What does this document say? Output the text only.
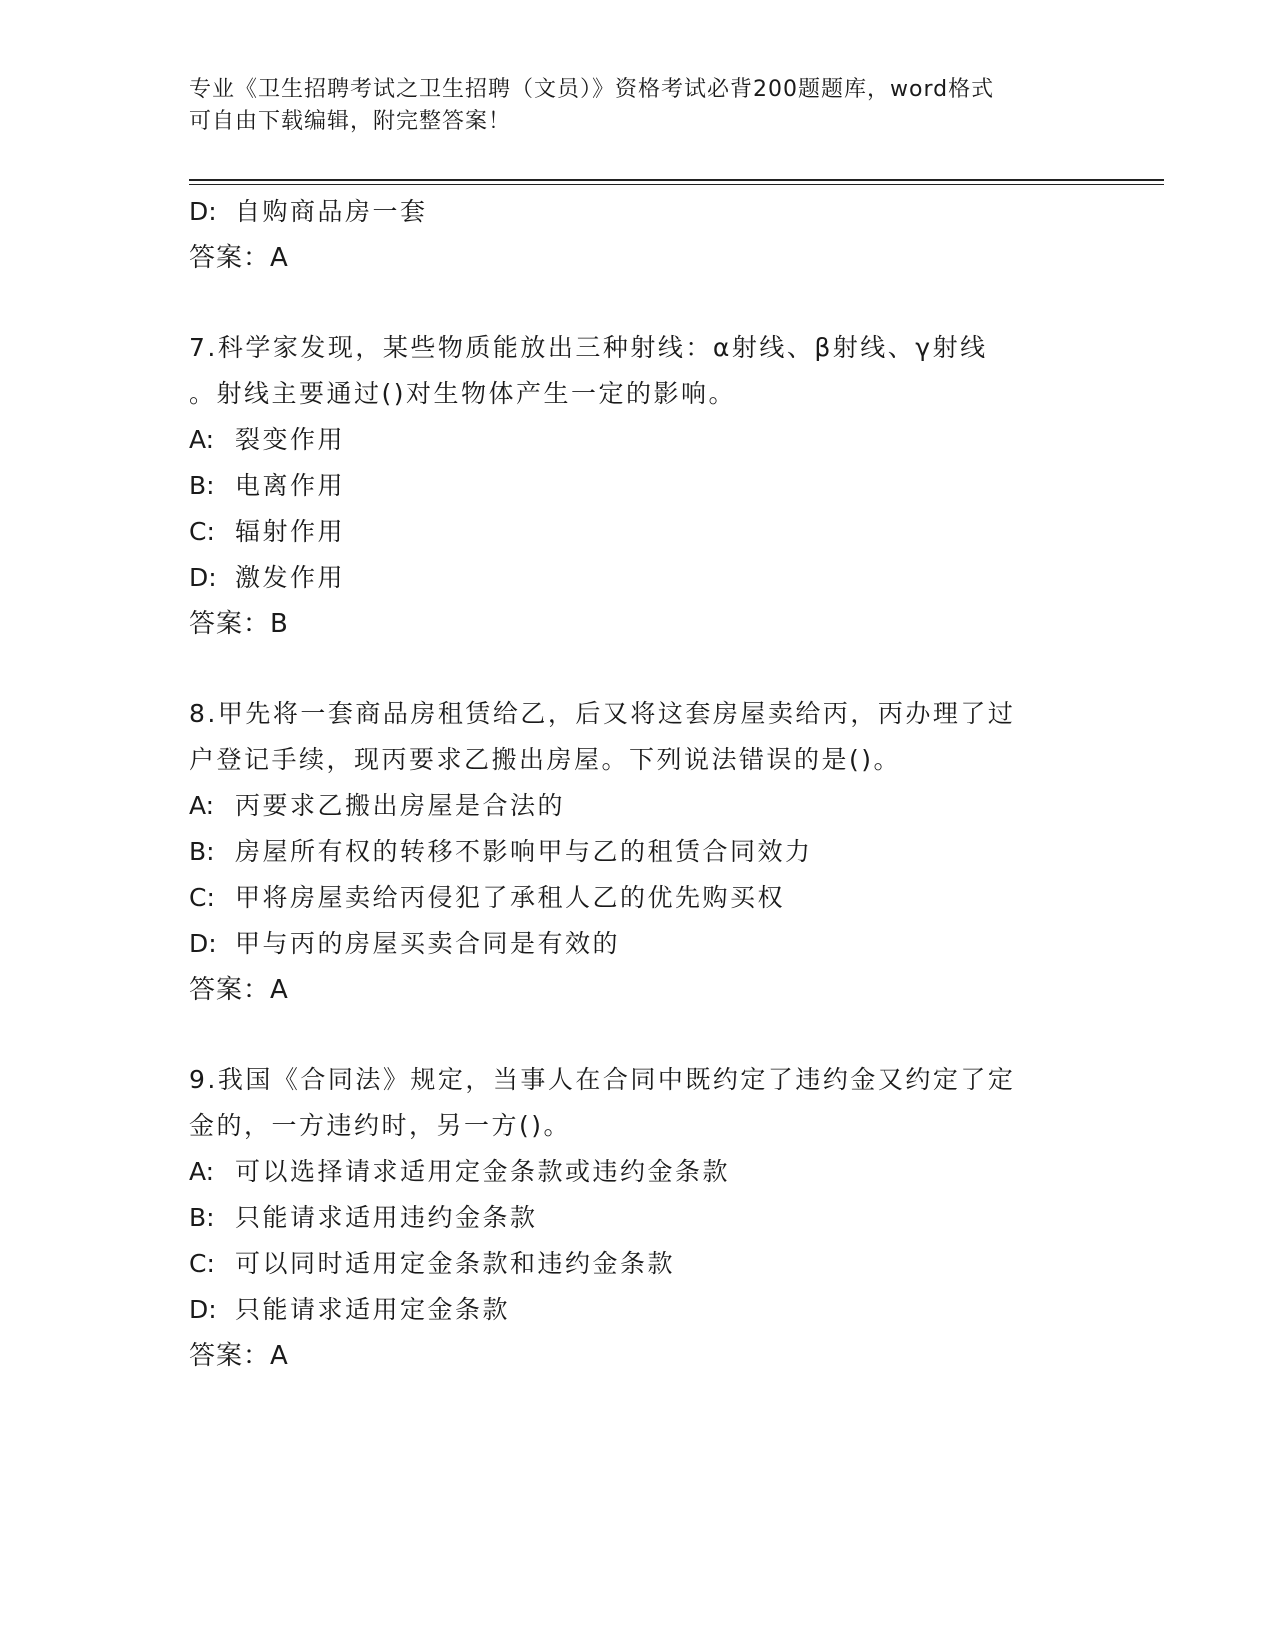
专业《卫生招聘考试之卫生招聘（文员）》资格考试必背200题题库，word格式
可自由下载编辑，附完整答案！
D: 自购商品房一套
答案：A
7.科学家发现，某些物质能放出三种射线：α射线、β射线、γ射线
。射线主要通过()对生物体产生一定的影响。
A: 裂变作用
B: 电离作用
C: 辐射作用
D: 激发作用
答案：B
8.甲先将一套商品房租赁给乙，后又将这套房屋卖给丙，丙办理了过
户登记手续，现丙要求乙搬出房屋。下列说法错误的是()。
A: 丙要求乙搬出房屋是合法的
B: 房屋所有权的转移不影响甲与乙的租赁合同效力
C: 甲将房屋卖给丙侵犯了承租人乙的优先购买权
D: 甲与丙的房屋买卖合同是有效的
答案：A
9.我国《合同法》规定，当事人在合同中既约定了违约金又约定了定
金的，一方违约时，另一方()。
A: 可以选择请求适用定金条款或违约金条款
B: 只能请求适用违约金条款
C: 可以同时适用定金条款和违约金条款
D: 只能请求适用定金条款
答案：A
